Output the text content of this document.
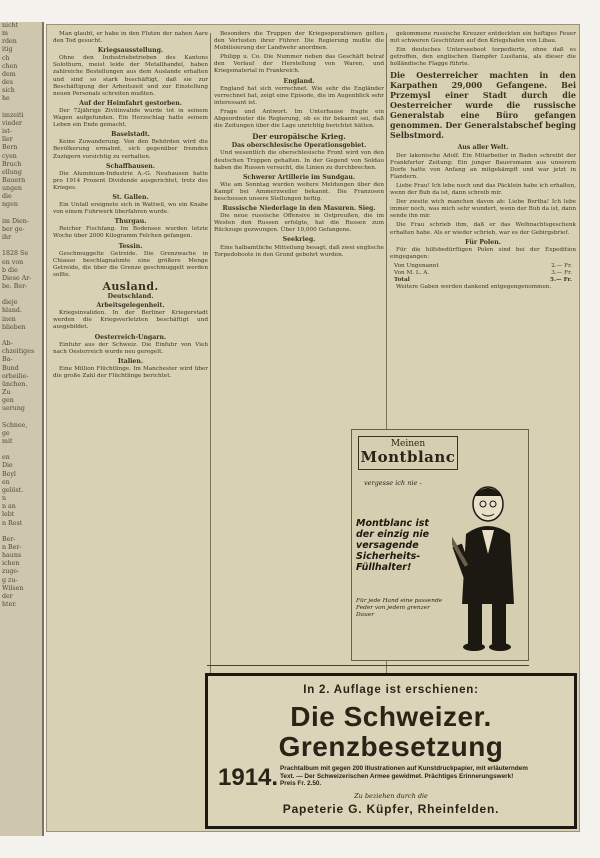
nicht
m
rden
itig
ch
chen
dem
des
sich
he

imzeiti
vieder
ist-
ller
Bern
cyen
Bruch
ellung
Bauern
ungen
die
ngen

im Dien-
ber ge-
ihr

1828 Se
en von
b die
Diese Ar-
be. Ber-

dieje
hland.
inen
blieben

Ab-
chzeitiges
Ba-
Bund
orbeilie-
ünchen.
Zu
gen
uerung

Schnee,
ge
mit

en
Die
Beyl
en
gelöst.
n
n an
lebt
n Rest

Ber-
n Ber-
hauns
ichen
zuge-
g zu-
Wilsen
der
hter.

Man glaubt, er habe in den Fluten der nahen Aare den Tod gesucht.

Kriegsausstellung.

Ohne den Industriebetrieben des Kantons Solothurn, meist leide der Metallhandel, haben zahlreiche Bestellungen aus dem Auslande erhalten und sind so stark beschäftigt, daß sie zur Beschäftigung der Arbeitszeit und zur Einstellung neuen Personals schreiten mußten.

Auf der Heimfahrt gestorben.

Der 72jährige Zivilinvalide wurde tot in seinem Wagen aufgefunden. Ein Herzschlag hatte seinem Leben ein Ende gemacht.

Baselstadt.

Keine Zuwanderung. Von den Behörden wird die Bevölkerung ermahnt, sich gegenüber fremden Zuzügern vorsichtig zu verhalten.

Schaffhausen.

Die Aluminium-Industrie A.-G. Neuhausen hatte pro 1914 Prozent Dividende ausgerichtet, trotz des Krieges.

St. Gallen.

Ein Unfall ereignete sich in Wattwil, wo ein Knabe von einem Fuhrwerk überfahren wurde.

Thurgau.

Reicher Fischfang. Im Bodensee wurden letzte Woche über 2000 Kilogramm Felchen gefangen.

Tessin.

Geschmuggelte Getreide. Die Grenzwache in Chiasso beschlagnahmte eine größere Menge Getreide, die über die Grenze geschmuggelt werden sollte.

Ausland.
Deutschland.
Arbeitsgelegenheit.

Kriegsinvaliden. In der Berliner Kriegerstadt werden die Kriegsverletzten beschäftigt und ausgebildet.

Oesterreich-Ungarn.

Einfuhr aus der Schweiz. Die Einfuhr von Vieh nach Oesterreich wurde neu geregelt.

Italien.

Eine Million Flüchtlinge. Im Manchester wird über die große Zahl der Flüchtlinge berichtet.

Besonders die Truppen der Kriegsoperationen gelten den Verlusten ihrer Führer. Die Regierung mußte die Mobilisierung der Landwehr anordnen.

Philipp u. Co. Die Nummer neben das Geschäft betraf den Verlauf der Herstellung von Waren, und Kriegsmaterial in Frankreich.

England.

England hat sich verrechnet. Wie sehr die Engländer verrechnet hat, zeigt eine Episode, die im Augenblick sehr interessant ist.

Frage und Antwort. Im Unterhause fragte ein Abgeordneter die Regierung, ob es ihr bekannt sei, daß die Zeitungen über die Lage unrichtig berichtet hätten.

Der europäische Krieg.
Das oberschlesische Operationsgebiet.

Und wesentlich die oberschlesische Front wird von den deutschen Truppen gehalten. In der Gegend von Soldau haben die Russen versucht, die Linien zu durchbrechen.

Schwerer Artillerie im Sundgau.

Wie am Sonntag wurden weitere Meldungen über den Kampf bei Ammerzweiler bekannt. Die Franzosen beschossen unsere Stellungen heftig.

Russische Niederlage in den Masuren. Sieg.

Die neue russische Offensive in Ostpreußen, die im Westen den Russen erfolgte, hat die Russen zum Rückzuge gezwungen. Über 10,000 Gefangene.

Seekrieg.

Eine halbamtliche Mitteilung besagt, daß zwei englische Torpedoboote in den Grund gebohrt wurden.

gekommene russische Kreuzer entdeckten ein heftiges Feuer mit schweren Geschützen auf den Kriegshafen von Libau.

Ein deutsches Unterseeboot torpedierte, ohne daß es getroffen, den englischen Dampfer Lusitania, als dieser die holländische Flagge führte.

Die Oesterreicher machten in den Karpathen 29,000 Gefangene. Bei Przemysl einer Stadt durch die Oesterreicher wurde die russische Generalstab eine Büro gefangen genommen. Der Generalstabschef beging Selbstmord.

Aus aller Welt.

Der lakonische Adolf. Ein Mitarbeiter in Baden schreibt der Frankfurter Zeitung: Ein junger Bauersmann aus unserem Dorfe hatte von Anfang an mitgekämpft und war jetzt in Flandern.

Liebe Frau! Ich lebe noch und das Päcklein habe ich erhalten, wenn der Bub da ist, dann schreib mir.

Der zweite wich manchen davon ab: Liebe Bertha! Ich lebe immer noch, was mich sehr wundert, wenn der Bub da ist, dann sende ihn mir.

Die Frau schrieb ihm, daß er das Weihnachtsgeschenk erhalten habe. Als er wieder schrieb, war es der Gebirgsbrief.

Für Polen.

Für die hilfsbedürftigen Polen sind bei der Expedition eingegangen:

Von Ungenannt	2.— Fr.
Von M. L. A.	3.— Fr.
Total	5.— Fr.

Weitere Gaben werden dankend entgegengenommen.

Meinen
Montblanc
vergesse ich nie -
Montblanc ist der einzig nie versagende Sicherheits-Füllhalter!
Für jede Hand eine passende Feder von jedem grenzer Dauer
In 2. Auflage ist erschienen:
Die Schweizer.
Grenzbesetzung
1914. Prachtalbum mit gegen 200 Illustrationen auf Kunstdruckpapier, mit erläuterndem Text. — Der Schweizerischen Armee gewidmet. Prächtiges Erinnerungswerk! Preis Fr. 2.50.
Zu beziehen durch die
Papeterie G. Küpfer, Rheinfelden.
